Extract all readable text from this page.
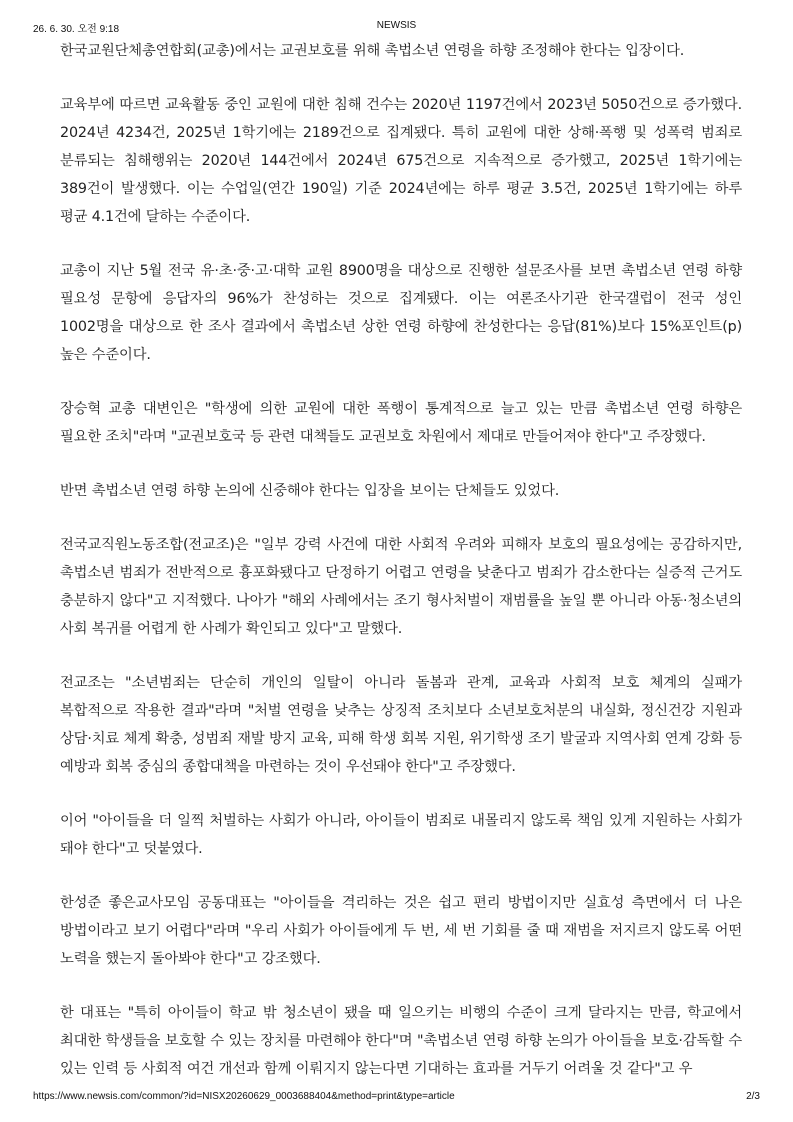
26. 6. 30. 오전 9:18	NEWSIS

한국교원단체총연합회(교총)에서는 교권보호를 위해 촉법소년 연령을 하향 조정해야 한다는 입장이다.

교육부에 따르면 교육활동 중인 교원에 대한 침해 건수는 2020년 1197건에서 2023년 5050건으로 증가했다. 2024년 4234건, 2025년 1학기에는 2189건으로 집계됐다. 특히 교원에 대한 상해·폭행 및 성폭력 범죄로 분류되는 침해행위는 2020년 144건에서 2024년 675건으로 지속적으로 증가했고, 2025년 1학기에는 389건이 발생했다. 이는 수업일(연간 190일) 기준 2024년에는 하루 평균 3.5건, 2025년 1학기에는 하루 평균 4.1건에 달하는 수준이다.

교총이 지난 5월 전국 유·초·중·고·대학 교원 8900명을 대상으로 진행한 설문조사를 보면 촉법소년 연령 하향 필요성 문항에 응답자의 96%가 찬성하는 것으로 집계됐다. 이는 여론조사기관 한국갤럽이 전국 성인 1002명을 대상으로 한 조사 결과에서 촉법소년 상한 연령 하향에 찬성한다는 응답(81%)보다 15%포인트(p) 높은 수준이다.

장승혁 교총 대변인은 "학생에 의한 교원에 대한 폭행이 통계적으로 늘고 있는 만큼 촉법소년 연령 하향은 필요한 조치"라며 "교권보호국 등 관련 대책들도 교권보호 차원에서 제대로 만들어져야 한다"고 주장했다.

반면 촉법소년 연령 하향 논의에 신중해야 한다는 입장을 보이는 단체들도 있었다.

전국교직원노동조합(전교조)은 "일부 강력 사건에 대한 사회적 우려와 피해자 보호의 필요성에는 공감하지만, 촉법소년 범죄가 전반적으로 흉포화됐다고 단정하기 어렵고 연령을 낮춘다고 범죄가 감소한다는 실증적 근거도 충분하지 않다"고 지적했다. 나아가 "해외 사례에서는 조기 형사처벌이 재범률을 높일 뿐 아니라 아동·청소년의 사회 복귀를 어렵게 한 사례가 확인되고 있다"고 말했다.

전교조는 "소년범죄는 단순히 개인의 일탈이 아니라 돌봄과 관계, 교육과 사회적 보호 체계의 실패가 복합적으로 작용한 결과"라며 "처벌 연령을 낮추는 상징적 조치보다 소년보호처분의 내실화, 정신건강 지원과 상담·치료 체계 확충, 성범죄 재발 방지 교육, 피해 학생 회복 지원, 위기학생 조기 발굴과 지역사회 연계 강화 등 예방과 회복 중심의 종합대책을 마련하는 것이 우선돼야 한다"고 주장했다.

이어 "아이들을 더 일찍 처벌하는 사회가 아니라, 아이들이 범죄로 내몰리지 않도록 책임 있게 지원하는 사회가 돼야 한다"고 덧붙였다.

한성준 좋은교사모임 공동대표는 "아이들을 격리하는 것은 쉽고 편리 방법이지만 실효성 측면에서 더 나은 방법이라고 보기 어렵다"라며 "우리 사회가 아이들에게 두 번, 세 번 기회를 줄 때 재범을 저지르지 않도록 어떤 노력을 했는지 돌아봐야 한다"고 강조했다.

한 대표는 "특히 아이들이 학교 밖 청소년이 됐을 때 일으키는 비행의 수준이 크게 달라지는 만큼, 학교에서 최대한 학생들을 보호할 수 있는 장치를 마련해야 한다"며 "촉법소년 연령 하향 논의가 아이들을 보호·감독할 수 있는 인력 등 사회적 여건 개선과 함께 이뤄지지 않는다면 기대하는 효과를 거두기 어려울 것 같다"고 우

https://www.newsis.com/common/?id=NISX20260629_0003688404&method=print&type=article	2/3
